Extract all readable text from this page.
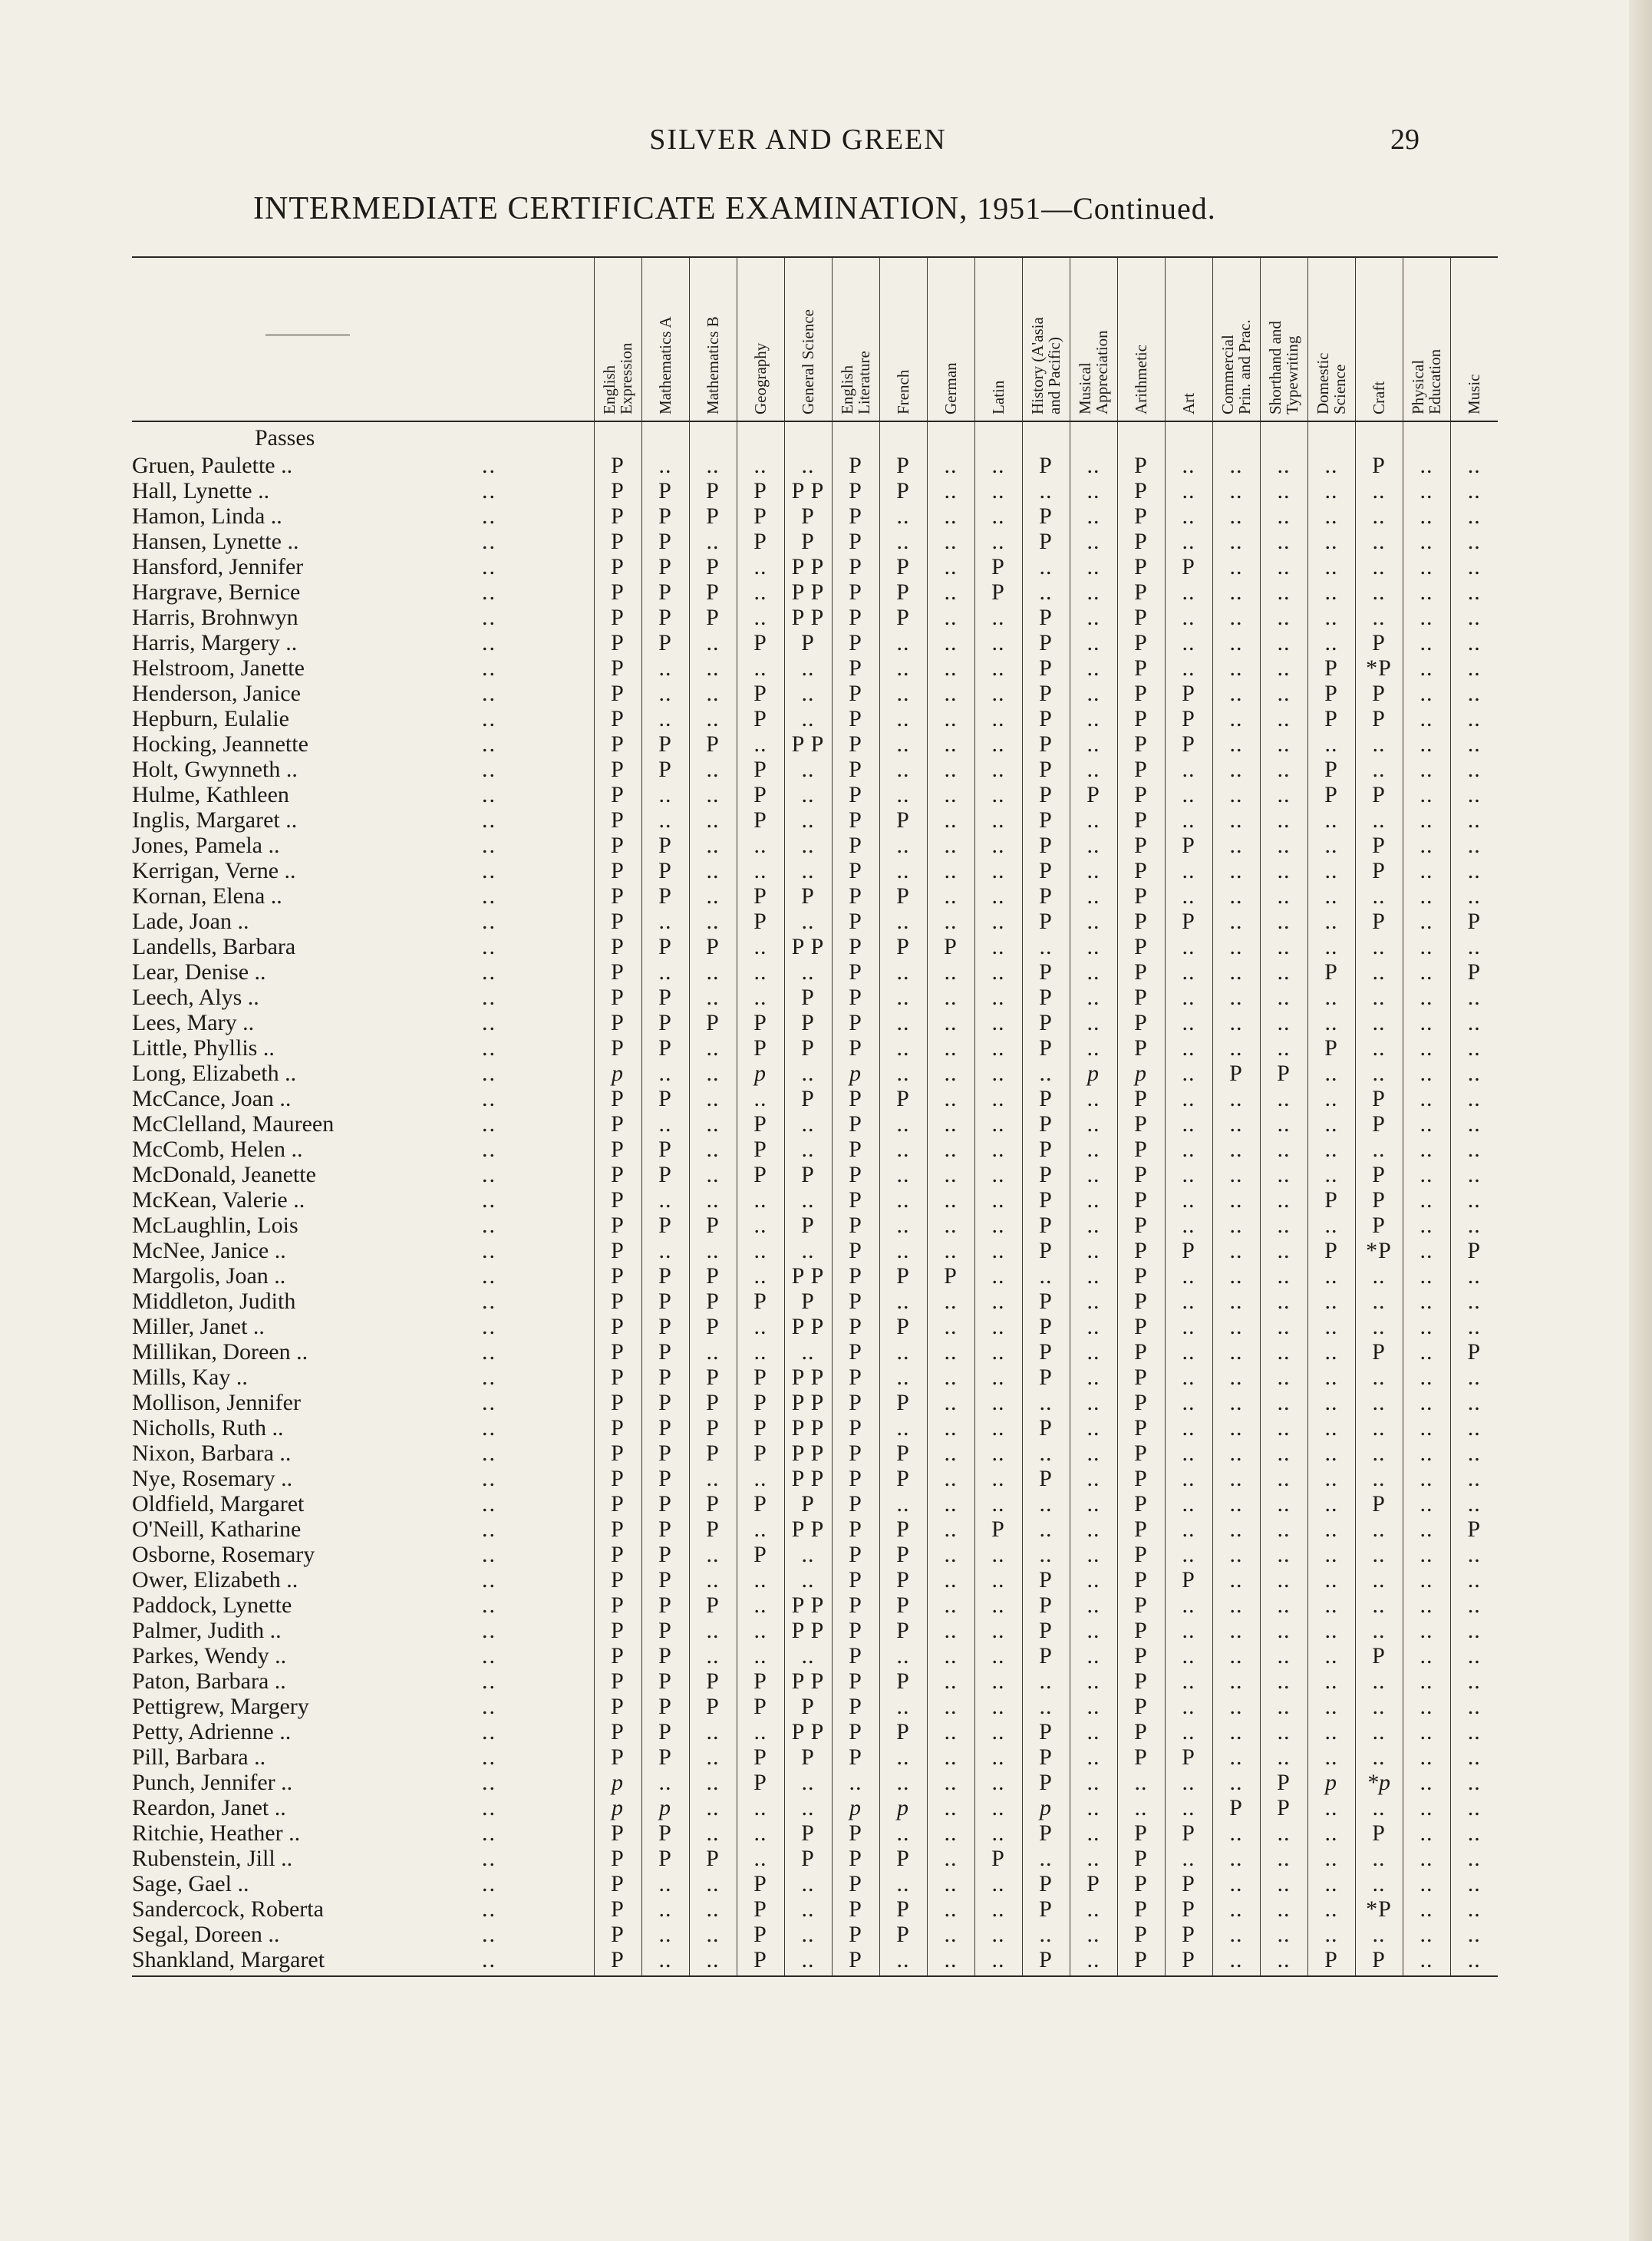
SILVER AND GREEN	29
INTERMEDIATE CERTIFICATE EXAMINATION, 1951—Continued.

		English
Expression	Mathematics A	Mathematics B	Geography	General Science	English
Literature	French	German	Latin	History (A'asia
and Pacific)	Musical
Appreciation	Arithmetic	Art	Commercial
Prin. and Prac.	Shorthand and
Typewriting	Domestic
Science	Craft	Physical
Education	Music

Passes																				
Gruen, Paulette ..	..	P	..	..	..	..	P	P	..	..	P	..	P	..	..	..	..	P	..	..
Hall, Lynette ..	..	P	P	P	P	P P	P	P	..	..	..	..	P	..	..	..	..	..	..	..
Hamon, Linda ..	..	P	P	P	P	P	P	..	..	..	P	..	P	..	..	..	..	..	..	..
Hansen, Lynette ..	..	P	P	..	P	P	P	..	..	..	P	..	P	..	..	..	..	..	..	..
Hansford, Jennifer	..	P	P	P	..	P P	P	P	..	P	..	..	P	P	..	..	..	..	..	..
Hargrave, Bernice	..	P	P	P	..	P P	P	P	..	P	..	..	P	..	..	..	..	..	..	..
Harris, Brohnwyn	..	P	P	P	..	P P	P	P	..	..	P	..	P	..	..	..	..	..	..	..
Harris, Margery ..	..	P	P	..	P	P	P	..	..	..	P	..	P	..	..	..	..	P	..	..
Helstroom, Janette	..	P	..	..	..	..	P	..	..	..	P	..	P	..	..	..	P	*P	..	..
Henderson, Janice	..	P	..	..	P	..	P	..	..	..	P	..	P	P	..	..	P	P	..	..
Hepburn, Eulalie	..	P	..	..	P	..	P	..	..	..	P	..	P	P	..	..	P	P	..	..
Hocking, Jeannette	..	P	P	P	..	P P	P	..	..	..	P	..	P	P	..	..	..	..	..	..
Holt, Gwynneth ..	..	P	P	..	P	..	P	..	..	..	P	..	P	..	..	..	P	..	..	..
Hulme, Kathleen	..	P	..	..	P	..	P	..	..	..	P	P	P	..	..	..	P	P	..	..
Inglis, Margaret ..	..	P	..	..	P	..	P	P	..	..	P	..	P	..	..	..	..	..	..	..
Jones, Pamela ..	..	P	P	..	..	..	P	..	..	..	P	..	P	P	..	..	..	P	..	..
Kerrigan, Verne ..	..	P	P	..	..	..	P	..	..	..	P	..	P	..	..	..	..	P	..	..
Kornan, Elena ..	..	P	P	..	P	P	P	P	..	..	P	..	P	..	..	..	..	..	..	..
Lade, Joan ..	..	P	..	..	P	..	P	..	..	..	P	..	P	P	..	..	..	P	..	P
Landells, Barbara	..	P	P	P	..	P P	P	P	P	..	..	..	P	..	..	..	..	..	..	..
Lear, Denise ..	..	P	..	..	..	..	P	..	..	..	P	..	P	..	..	..	P	..	..	P
Leech, Alys ..	..	P	P	..	..	P	P	..	..	..	P	..	P	..	..	..	..	..	..	..
Lees, Mary ..	..	P	P	P	P	P	P	..	..	..	P	..	P	..	..	..	..	..	..	..
Little, Phyllis ..	..	P	P	..	P	P	P	..	..	..	P	..	P	..	..	..	P	..	..	..
Long, Elizabeth ..	..	p	..	..	p	..	p	..	..	..	..	p	p	..	P	P	..	..	..	..
McCance, Joan ..	..	P	P	..	..	P	P	P	..	..	P	..	P	..	..	..	..	P	..	..
McClelland, Maureen	..	P	..	..	P	..	P	..	..	..	P	..	P	..	..	..	..	P	..	..
McComb, Helen ..	..	P	P	..	P	..	P	..	..	..	P	..	P	..	..	..	..	..	..	..
McDonald, Jeanette	..	P	P	..	P	P	P	..	..	..	P	..	P	..	..	..	..	P	..	..
McKean, Valerie ..	..	P	..	..	..	..	P	..	..	..	P	..	P	..	..	..	P	P	..	..
McLaughlin, Lois	..	P	P	P	..	P	P	..	..	..	P	..	P	..	..	..	..	P	..	..
McNee, Janice ..	..	P	..	..	..	..	P	..	..	..	P	..	P	P	..	..	P	*P	..	P
Margolis, Joan ..	..	P	P	P	..	P P	P	P	P	..	..	..	P	..	..	..	..	..	..	..
Middleton, Judith	..	P	P	P	P	P	P	..	..	..	P	..	P	..	..	..	..	..	..	..
Miller, Janet ..	..	P	P	P	..	P P	P	P	..	..	P	..	P	..	..	..	..	..	..	..
Millikan, Doreen ..	..	P	P	..	..	..	P	..	..	..	P	..	P	..	..	..	..	P	..	P
Mills, Kay ..	..	P	P	P	P	P P	P	..	..	..	P	..	P	..	..	..	..	..	..	..
Mollison, Jennifer	..	P	P	P	P	P P	P	P	..	..	..	..	P	..	..	..	..	..	..	..
Nicholls, Ruth ..	..	P	P	P	P	P P	P	..	..	..	P	..	P	..	..	..	..	..	..	..
Nixon, Barbara ..	..	P	P	P	P	P P	P	P	..	..	..	..	P	..	..	..	..	..	..	..
Nye, Rosemary ..	..	P	P	..	..	P P	P	P	..	..	P	..	P	..	..	..	..	..	..	..
Oldfield, Margaret	..	P	P	P	P	P	P	..	..	..	..	..	P	..	..	..	..	P	..	..
O'Neill, Katharine	..	P	P	P	..	P P	P	P	..	P	..	..	P	..	..	..	..	..	..	P
Osborne, Rosemary	..	P	P	..	P	..	P	P	..	..	..	..	P	..	..	..	..	..	..	..
Ower, Elizabeth ..	..	P	P	..	..	..	P	P	..	..	P	..	P	P	..	..	..	..	..	..
Paddock, Lynette	..	P	P	P	..	P P	P	P	..	..	P	..	P	..	..	..	..	..	..	..
Palmer, Judith ..	..	P	P	..	..	P P	P	P	..	..	P	..	P	..	..	..	..	..	..	..
Parkes, Wendy ..	..	P	P	..	..	..	P	..	..	..	P	..	P	..	..	..	..	P	..	..
Paton, Barbara ..	..	P	P	P	P	P P	P	P	..	..	..	..	P	..	..	..	..	..	..	..
Pettigrew, Margery	..	P	P	P	P	P	P	..	..	..	..	..	P	..	..	..	..	..	..	..
Petty, Adrienne ..	..	P	P	..	..	P P	P	P	..	..	P	..	P	..	..	..	..	..	..	..
Pill, Barbara ..	..	P	P	..	P	P	P	..	..	..	P	..	P	P	..	..	..	..	..	..
Punch, Jennifer ..	..	p	..	..	P	..	..	..	..	..	P	..	..	..	..	P	p	*p	..	..
Reardon, Janet ..	..	p	p	..	..	..	p	p	..	..	p	..	..	..	P	P	..	..	..	..
Ritchie, Heather ..	..	P	P	..	..	P	P	..	..	..	P	..	P	P	..	..	..	P	..	..
Rubenstein, Jill ..	..	P	P	P	..	P	P	P	..	P	..	..	P	..	..	..	..	..	..	..
Sage, Gael ..	..	P	..	..	P	..	P	..	..	..	P	P	P	P	..	..	..	..	..	..
Sandercock, Roberta	..	P	..	..	P	..	P	P	..	..	P	..	P	P	..	..	..	*P	..	..
Segal, Doreen ..	..	P	..	..	P	..	P	P	..	..	..	..	P	P	..	..	..	..	..	..
Shankland, Margaret	..	P	..	..	P	..	P	..	..	..	P	..	P	P	..	..	P	P	..	..
